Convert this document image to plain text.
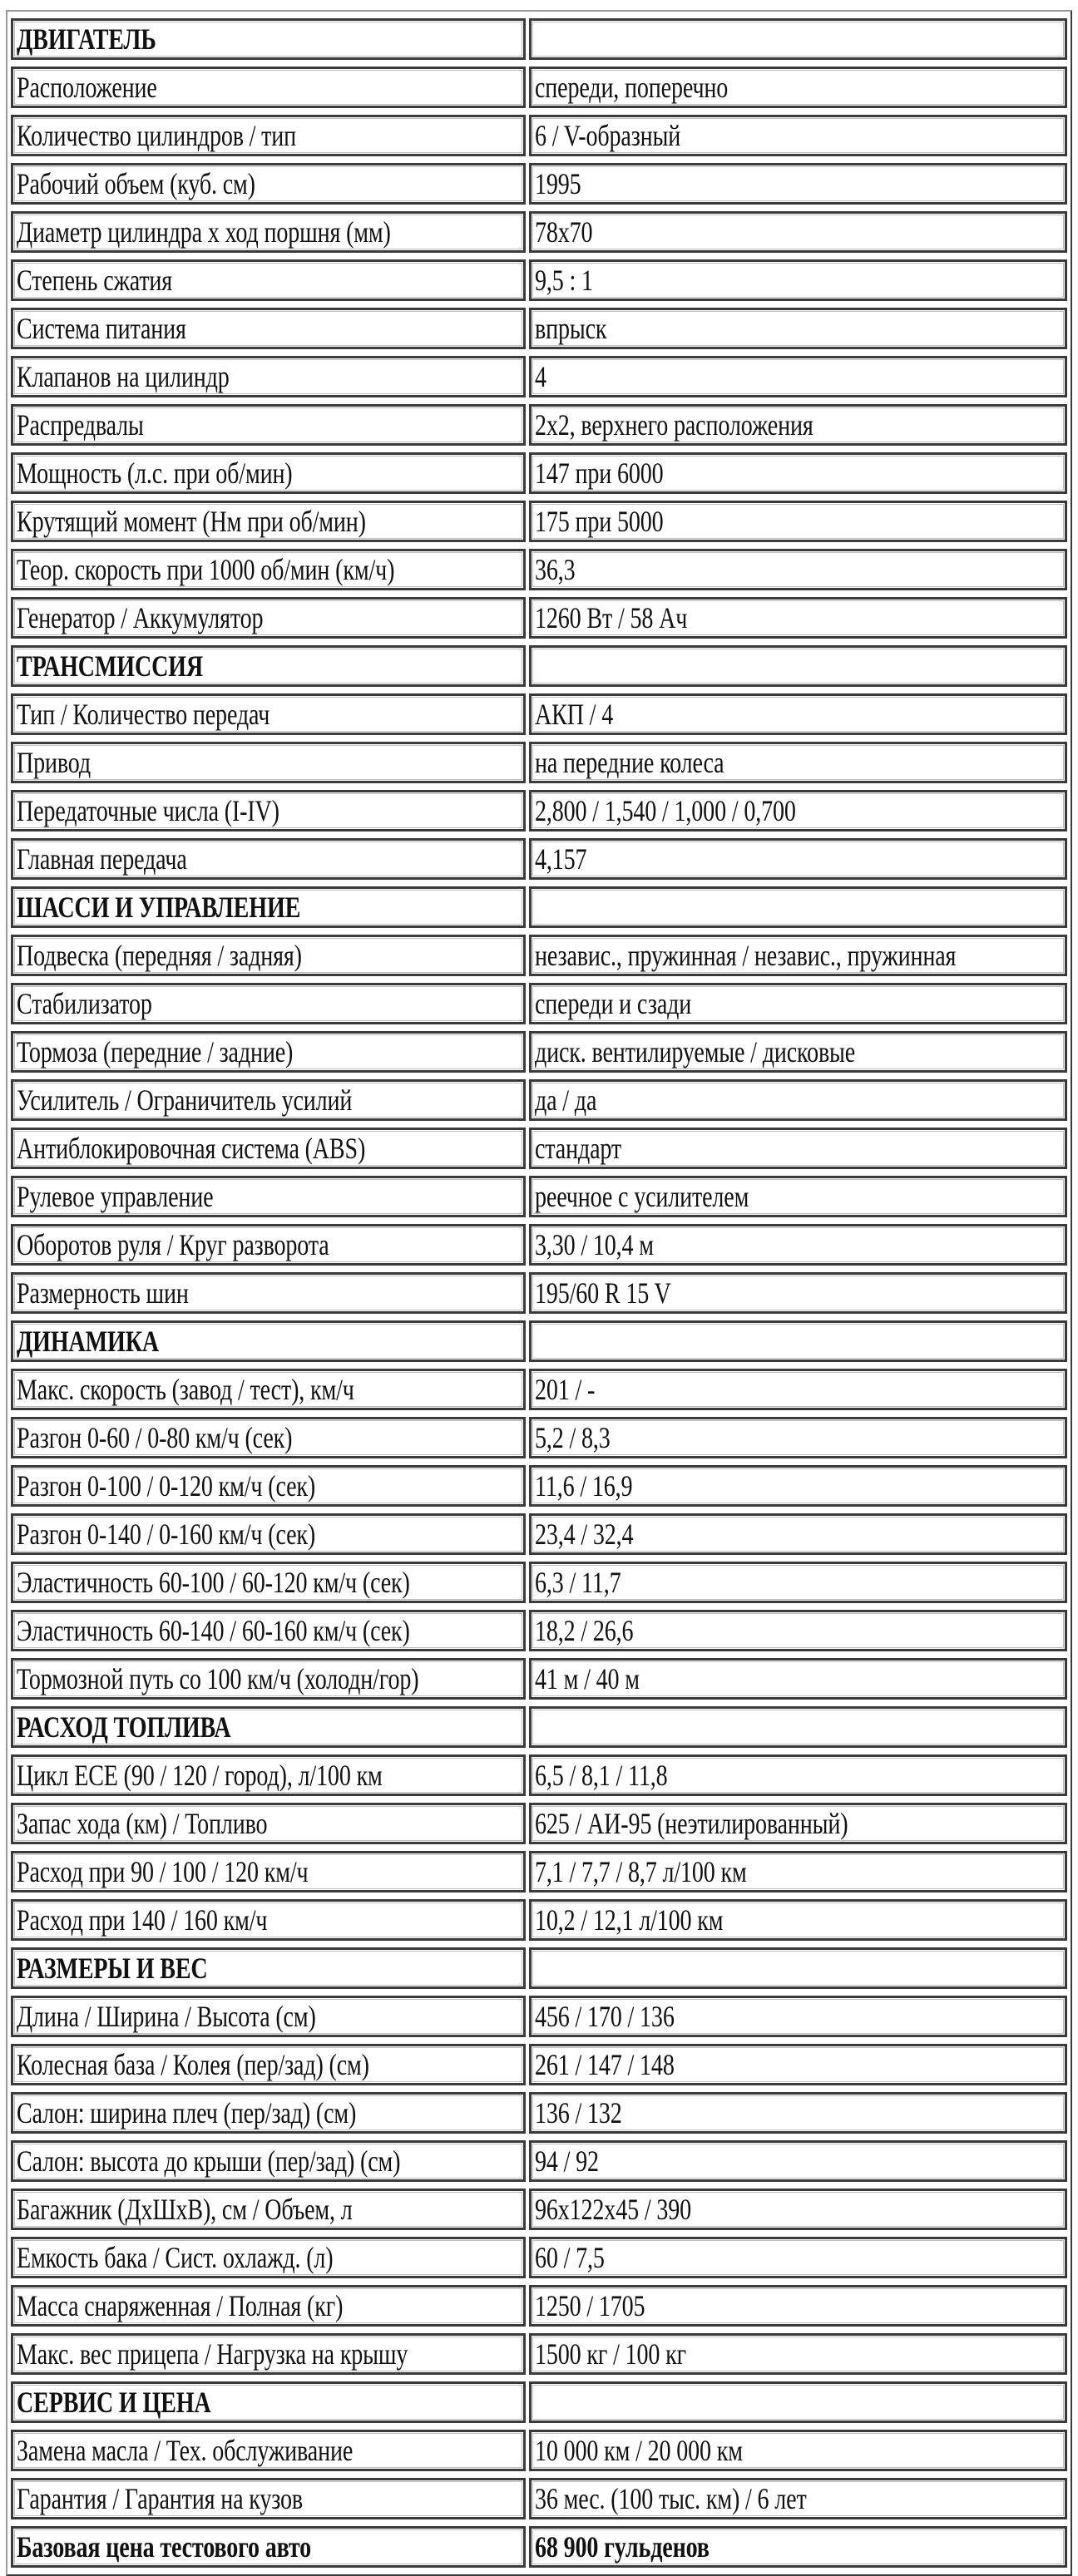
ДВИГАТЕЛЬ	
Расположение	спереди, поперечно
Количество цилиндров / тип	6 / V-образный
Рабочий объем (куб. см)	1995
Диаметр цилиндра x ход поршня (мм)	78x70
Степень сжатия	9,5 : 1
Система питания	впрыск
Клапанов на цилиндр	4
Распредвалы	2x2, верхнего расположения
Мощность (л.с. при об/мин)	147 при 6000
Крутящий момент (Нм при об/мин)	175 при 5000
Теор. скорость при 1000 об/мин (км/ч)	36,3
Генератор / Аккумулятор	1260 Вт / 58 Ач
ТРАНСМИССИЯ	
Тип / Количество передач	АКП / 4
Привод	на передние колеса
Передаточные числа (I-IV)	2,800 / 1,540 / 1,000 / 0,700
Главная передача	4,157
ШАССИ И УПРАВЛЕНИЕ	
Подвеска (передняя / задняя)	независ., пружинная / независ., пружинная
Стабилизатор	спереди и сзади
Тормоза (передние / задние)	диск. вентилируемые / дисковые
Усилитель / Ограничитель усилий	да / да
Антиблокировочная система (ABS)	стандарт
Рулевое управление	реечное с усилителем
Оборотов руля / Круг разворота	3,30 / 10,4 м
Размерность шин	195/60 R 15 V
ДИНАМИКА	
Макс. скорость (завод / тест), км/ч	201 / -
Разгон 0-60 / 0-80 км/ч (сек)	5,2 / 8,3
Разгон 0-100 / 0-120 км/ч (сек)	11,6 / 16,9
Разгон 0-140 / 0-160 км/ч (сек)	23,4 / 32,4
Эластичность 60-100 / 60-120 км/ч (сек)	6,3 / 11,7
Эластичность 60-140 / 60-160 км/ч (сек)	18,2 / 26,6
Тормозной путь со 100 км/ч (холодн/гор)	41 м / 40 м
РАСХОД ТОПЛИВА	
Цикл ECE (90 / 120 / город), л/100 км	6,5 / 8,1 / 11,8
Запас хода (км) / Топливо	625 / АИ-95 (неэтилированный)
Расход при 90 / 100 / 120 км/ч	7,1 / 7,7 / 8,7 л/100 км
Расход при 140 / 160 км/ч	10,2 / 12,1 л/100 км
РАЗМЕРЫ И ВЕС	
Длина / Ширина / Высота (см)	456 / 170 / 136
Колесная база / Колея (пер/зад) (см)	261 / 147 / 148
Салон: ширина плеч (пер/зад) (см)	136 / 132
Салон: высота до крыши (пер/зад) (см)	94 / 92
Багажник (ДхШхВ), см / Объем, л	96x122x45 / 390
Емкость бака / Сист. охлажд. (л)	60 / 7,5
Масса снаряженная / Полная (кг)	1250 / 1705
Макс. вес прицепа / Нагрузка на крышу	1500 кг / 100 кг
СЕРВИС И ЦЕНА	
Замена масла / Тех. обслуживание	10 000 км / 20 000 км
Гарантия / Гарантия на кузов	36 мес. (100 тыс. км) / 6 лет
Базовая цена тестового авто	68 900 гульденов
